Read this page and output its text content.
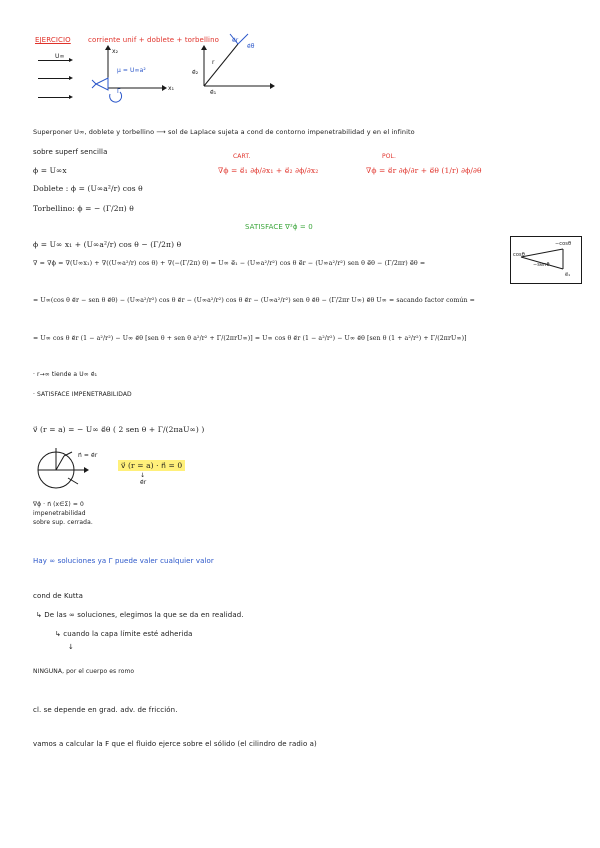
EJERCICIO corriente unif + doblete + torbellino
U∞
x₂
x₁
μ = U∞a²
Γ
e⃗r
e⃗θ
r
e⃗₂
e⃗₁
Superponer U∞, doblete y torbellino ⟶ sol de Laplace sujeta a cond de contorno impenetrabilidad y en el infinito
sobre superf sencilla
ϕ = U∞x
Doblete : ϕ = (U∞a²/r) cos θ
Torbellino: ϕ = − (Γ/2π) θ
CART.
∇ϕ = e⃗₁ ∂ϕ/∂x₁ + e⃗₂ ∂ϕ/∂x₂
POL.
∇ϕ = e⃗r ∂ϕ/∂r + e⃗θ (1/r) ∂ϕ/∂θ
SATISFACE ∇²ϕ = 0
ϕ = U∞ x₁ + (U∞a²/r) cos θ − (Γ/2π) θ
∇ = ∇ϕ = ∇(U∞x₁) + ∇((U∞a²/r) cos θ) + ∇(−(Γ/2π) θ) = U∞ e⃗₁ − (U∞a²/r²) cos θ e⃗r − (U∞a²/r²) sen θ e⃗θ − (Γ/2πr) e⃗θ =
cosθ
−cosθ
−senθ
e⃗₁
= U∞(cos θ e⃗r − sen θ e⃗θ) − (U∞a²/r²) cos θ e⃗r − (U∞a²/r²) cos θ e⃗r − (U∞a²/r²) sen θ e⃗θ − (Γ/2πr U∞) e⃗θ U∞ = sacando factor común =
= U∞ cos θ e⃗r (1 − a²/r²) − U∞ e⃗θ [sen θ + sen θ a²/r² + Γ/(2πrU∞)] = U∞ cos θ e⃗r (1 − a²/r²) − U∞ e⃗θ [sen θ (1 + a²/r²) + Γ/(2πrU∞)]
· r→∞ tiende a U∞ e⃗₁
· SATISFACE IMPENETRABILIDAD
v⃗ (r = a) = − U∞ e⃗θ ( 2 sen θ + Γ/(2πaU∞) )
n⃗ = e⃗r
v⃗ (r = a) · n⃗ = 0
↓
e⃗r
∇ϕ · n⃗ (x∈Σ) = 0
impenetrabilidad
sobre sup. cerrada.
Hay ∞ soluciones ya Γ puede valer cualquier valor
cond de Kutta
↳ De las ∞ soluciones, elegimos la que se da en realidad.
↳ cuando la capa límite esté adherida
↓
NINGUNA, por el cuerpo es romo
cl. se depende en grad. adv. de fricción.
vamos a calcular la F que el fluido ejerce sobre el sólido (el cilindro de radio a)
